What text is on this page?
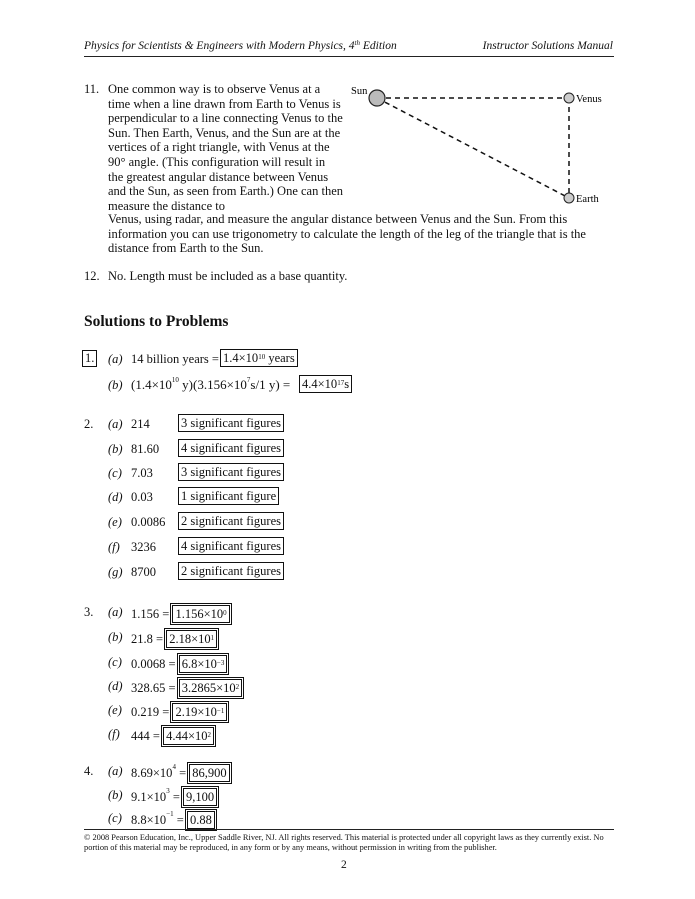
Physics for Scientists & Engineers with Modern Physics, 4th Edition	Instructor Solutions Manual
11. One common way is to observe Venus at a time when a line drawn from Earth to Venus is perpendicular to a line connecting Venus to the Sun. Then Earth, Venus, and the Sun are at the vertices of a right triangle, with Venus at the 90° angle. (This configuration will result in the greatest angular distance between Venus and the Sun, as seen from Earth.) One can then measure the distance to
Venus, using radar, and measure the angular distance between Venus and the Sun. From this information you can use trigonometry to calculate the length of the leg of the triangle that is the distance from Earth to the Sun.
Sun
Venus
Earth
12. No. Length must be included as a base quantity.
Solutions to Problems
1. (a) 14 billion years = $1.4\times 10^{10}$ years
(b) ($1.4\times 10^{10}$ $y)(3.156\times 10^7s/1$ $y) = 4.4\times 10^{17}s$
2. (a) 214	3 significant figures
(b) 81.60 4 significant figures
(c) 7.03 3 significant figures
(d) 0.03 1 significant figure
(e) 0.0086 2 significant figures
(f) 3236 4 significant figures
(g) 8700 2 significant figures
3. (a) $1.156 = 1.156\times 10^0$
(b) $21.8 = 2.18\times 10^1$
(c) $0.0068 = 6.8\times 10^{-3}$
(d) $328.65 = 3.2865\times 10^2$
(e) $0.219 = 2.19\times 10^{-1}$
(f) $444 = 4.44\times 10^2$
4. (a) $8.69\times 10^4 = 86,900$
(b) $9.1\times 10^3 = 9,100$
(c) $8.8\times 10^{-1} = 0.88$
© 2008 Pearson Education, Inc., Upper Saddle River, NJ. All rights reserved. This material is protected under all copyright laws as they currently exist. No portion of this material may be reproduced, in any form or by any means, without permission in writing from the publisher.
2
